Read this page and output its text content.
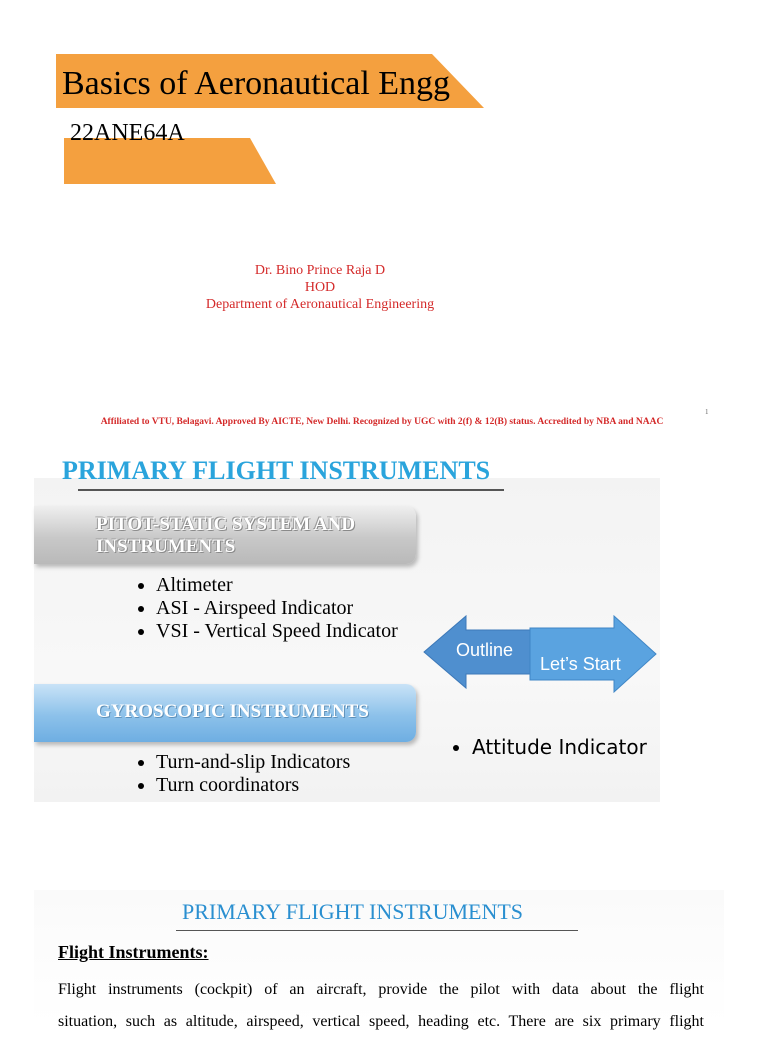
Basics of Aeronautical Engg
22ANE64A
Dr. Bino Prince Raja D
HOD
Department of Aeronautical Engineering
1
Affiliated to VTU, Belagavi. Approved By AICTE, New Delhi. Recognized by UGC with 2(f) & 12(B) status. Accredited by NBA and NAAC
PRIMARY FLIGHT INSTRUMENTS
PITOT-STATIC SYSTEM AND INSTRUMENTS
• Altimeter
• ASI - Airspeed Indicator
• VSI - Vertical Speed Indicator
Outline
Let’s Start
GYROSCOPIC INSTRUMENTS
• Turn-and-slip Indicators
• Turn coordinators
• Attitude Indicator
PRIMARY FLIGHT INSTRUMENTS
Flight Instruments:
Flight instruments (cockpit) of an aircraft, provide the pilot with data about the flight
situation, such as altitude, airspeed, vertical speed, heading etc. There are six primary flight
